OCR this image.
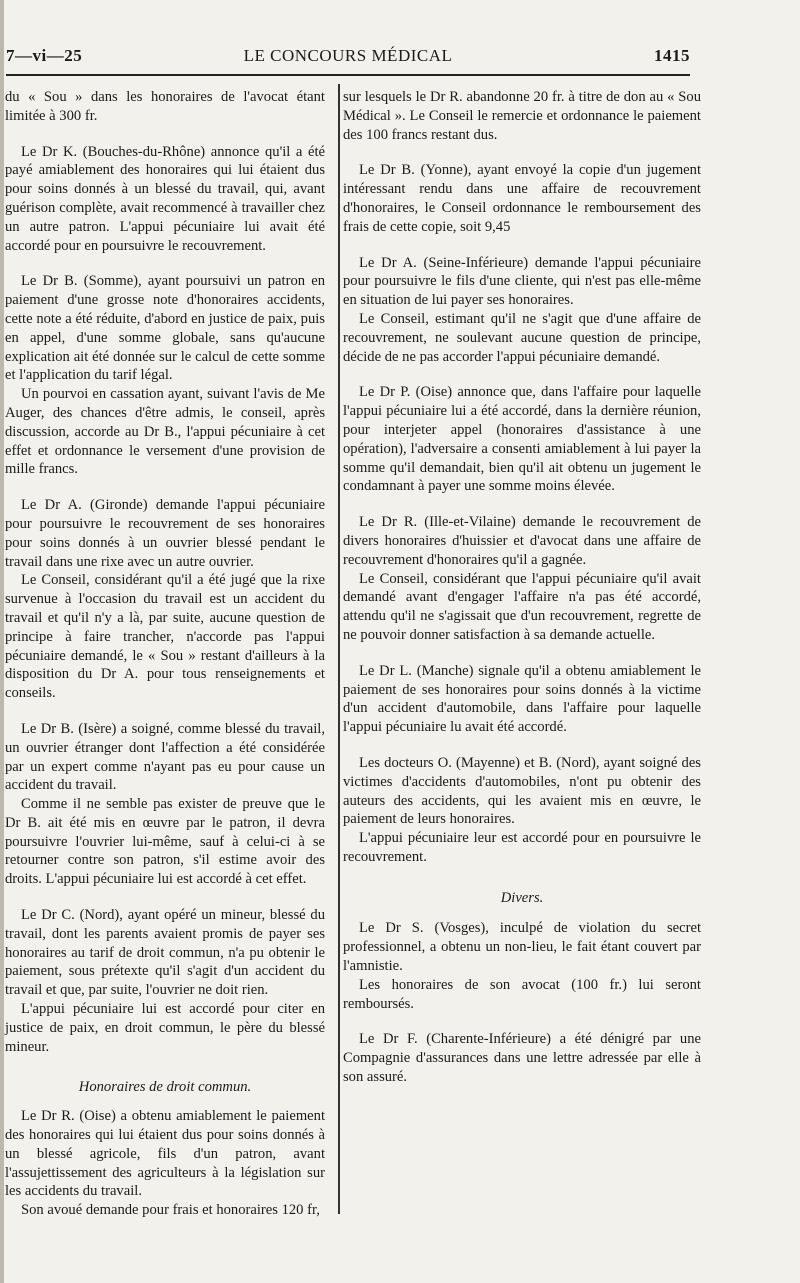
7—vi—25	LE CONCOURS MÉDICAL	1415

du « Sou » dans les honoraires de l'avocat étant limitée à 300 fr.

Le Dr K. (Bouches-du-Rhône) annonce qu'il a été payé amiablement des honoraires qui lui étaient dus pour soins donnés à un blessé du travail, qui, avant guérison complète, avait recommencé à travailler chez un autre patron. L'appui pécuniaire lui avait été accordé pour en poursuivre le recouvrement.

Le Dr B. (Somme), ayant poursuivi un patron en paiement d'une grosse note d'honoraires accidents, cette note a été réduite, d'abord en justice de paix, puis en appel, d'une somme globale, sans qu'aucune explication ait été donnée sur le calcul de cette somme et l'application du tarif légal.

Un pourvoi en cassation ayant, suivant l'avis de Me Auger, des chances d'être admis, le conseil, après discussion, accorde au Dr B., l'appui pécuniaire à cet effet et ordonnance le versement d'une provision de mille francs.

Le Dr A. (Gironde) demande l'appui pécuniaire pour poursuivre le recouvrement de ses honoraires pour soins donnés à un ouvrier blessé pendant le travail dans une rixe avec un autre ouvrier.

Le Conseil, considérant qu'il a été jugé que la rixe survenue à l'occasion du travail est un accident du travail et qu'il n'y a là, par suite, aucune question de principe à faire trancher, n'accorde pas l'appui pécuniaire demandé, le « Sou » restant d'ailleurs à la disposition du Dr A. pour tous renseignements et conseils.

Le Dr B. (Isère) a soigné, comme blessé du travail, un ouvrier étranger dont l'affection a été considérée par un expert comme n'ayant pas eu pour cause un accident du travail.

Comme il ne semble pas exister de preuve que le Dr B. ait été mis en œuvre par le patron, il devra poursuivre l'ouvrier lui-même, sauf à celui-ci à se retourner contre son patron, s'il estime avoir des droits. L'appui pécuniaire lui est accordé à cet effet.

Le Dr C. (Nord), ayant opéré un mineur, blessé du travail, dont les parents avaient promis de payer ses honoraires au tarif de droit commun, n'a pu obtenir le paiement, sous prétexte qu'il s'agit d'un accident du travail et que, par suite, l'ouvrier ne doit rien.

L'appui pécuniaire lui est accordé pour citer en justice de paix, en droit commun, le père du blessé mineur.

Honoraires de droit commun.

Le Dr R. (Oise) a obtenu amiablement le paiement des honoraires qui lui étaient dus pour soins donnés à un blessé agricole, fils d'un patron, avant l'assujettissement des agriculteurs à la législation sur les accidents du travail.

Son avoué demande pour frais et honoraires 120 fr,

sur lesquels le Dr R. abandonne 20 fr. à titre de don au « Sou Médical ». Le Conseil le remercie et ordonnance le paiement des 100 francs restant dus.

Le Dr B. (Yonne), ayant envoyé la copie d'un jugement intéressant rendu dans une affaire de recouvrement d'honoraires, le Conseil ordonnance le remboursement des frais de cette copie, soit 9,45

Le Dr A. (Seine-Inférieure) demande l'appui pécuniaire pour poursuivre le fils d'une cliente, qui n'est pas elle-même en situation de lui payer ses honoraires.

Le Conseil, estimant qu'il ne s'agit que d'une affaire de recouvrement, ne soulevant aucune question de principe, décide de ne pas accorder l'appui pécuniaire demandé.

Le Dr P. (Oise) annonce que, dans l'affaire pour laquelle l'appui pécuniaire lui a été accordé, dans la dernière réunion, pour interjeter appel (honoraires d'assistance à une opération), l'adversaire a consenti amiablement à lui payer la somme qu'il demandait, bien qu'il ait obtenu un jugement le condamnant à payer une somme moins élevée.

Le Dr R. (Ille-et-Vilaine) demande le recouvrement de divers honoraires d'huissier et d'avocat dans une affaire de recouvrement d'honoraires qu'il a gagnée.

Le Conseil, considérant que l'appui pécuniaire qu'il avait demandé avant d'engager l'affaire n'a pas été accordé, attendu qu'il ne s'agissait que d'un recouvrement, regrette de ne pouvoir donner satisfaction à sa demande actuelle.

Le Dr L. (Manche) signale qu'il a obtenu amiablement le paiement de ses honoraires pour soins donnés à la victime d'un accident d'automobile, dans l'affaire pour laquelle l'appui pécuniaire lu avait été accordé.

Les docteurs O. (Mayenne) et B. (Nord), ayant soigné des victimes d'accidents d'automobiles, n'ont pu obtenir des auteurs des accidents, qui les avaient mis en œuvre, le paiement de leurs honoraires.

L'appui pécuniaire leur est accordé pour en poursuivre le recouvrement.

Divers.

Le Dr S. (Vosges), inculpé de violation du secret professionnel, a obtenu un non-lieu, le fait étant couvert par l'amnistie.

Les honoraires de son avocat (100 fr.) lui seront remboursés.

Le Dr F. (Charente-Inférieure) a été dénigré par une Compagnie d'assurances dans une lettre adressée par elle à son assuré.
